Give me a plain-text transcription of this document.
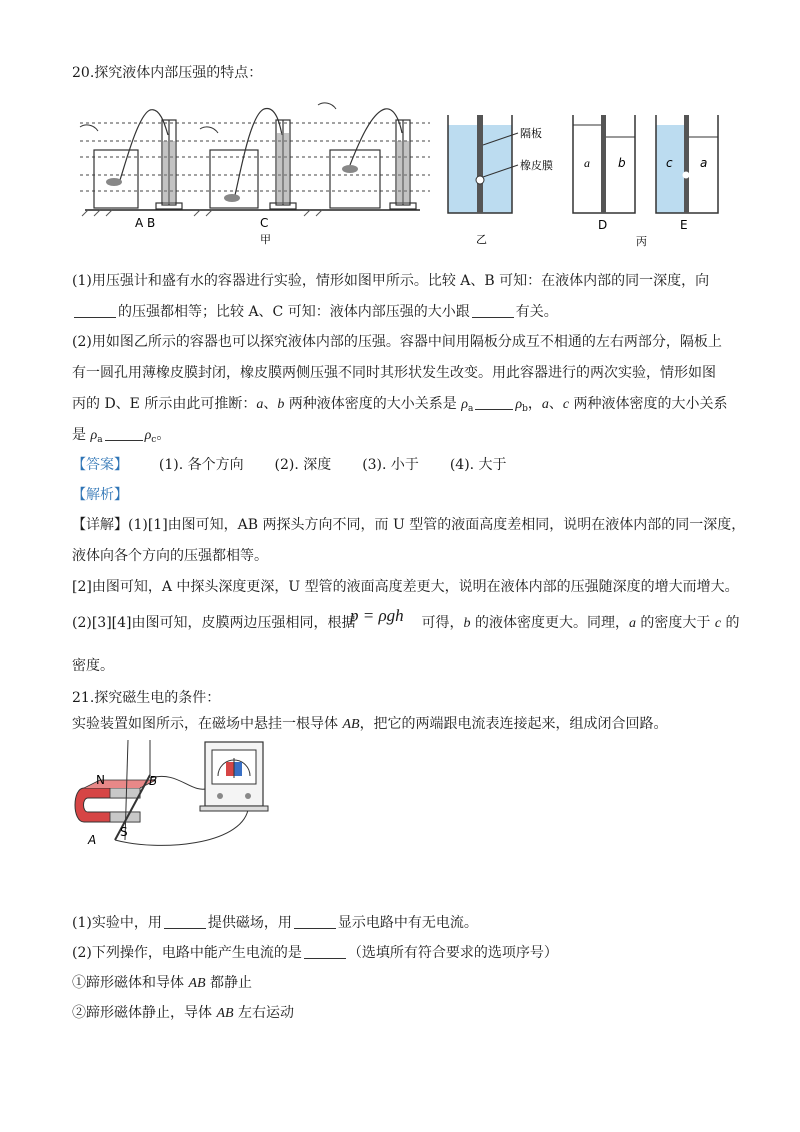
20.探究液体内部压强的特点：
A B	C
甲
隔板
橡皮膜
乙
a b	c a
D	E
丙
(1)用压强计和盛有水的容器进行实验，情形如图甲所示。比较 A、B 可知：在液体内部的同一深度，向
的压强都相等；比较 A、C 可知：液体内部压强的大小跟	有关。
(2)用如图乙所示的容器也可以探究液体内部的压强。容器中间用隔板分成互不相通的左右两部分，隔板上
有一圆孔用薄橡皮膜封闭，橡皮膜两侧压强不同时其形状发生改变。用此容器进行的两次实验，情形如图
丙的 D、E 所示由此可推断：a、b 两种液体密度的大小关系是 $\rho_a$	$\rho_b$，a、c 两种液体密度的大小关系
是 $\rho_a$	$\rho_c$。
【答案】 (1). 各个方向 (2). 深度 (3). 小于 (4). 大于
【解析】
【详解】(1)[1]由图可知，AB 两探头方向不同，而 U 型管的液面高度差相同，说明在液体内部的同一深度，
液体向各个方向的压强都相等。
[2]由图可知，A 中探头深度更深，U 型管的液面高度差更大，说明在液体内部的压强随深度的增大而增大。
(2)[3][4]由图可知，皮膜两边压强相同，根据	可得，b 的液体密度更大。同理，a 的密度大于 c 的
p = ρgh
密度。
21.探究磁生电的条件：
实验装置如图所示，在磁场中悬挂一根导体 AB，把它的两端跟电流表连接起来，组成闭合回路。
N	B
S
A
(1)实验中，用	提供磁场，用	显示电路中有无电流。
(2)下列操作，电路中能产生电流的是	（选填所有符合要求的选项序号）
①蹄形磁体和导体 AB 都静止
②蹄形磁体静止，导体 AB 左右运动
